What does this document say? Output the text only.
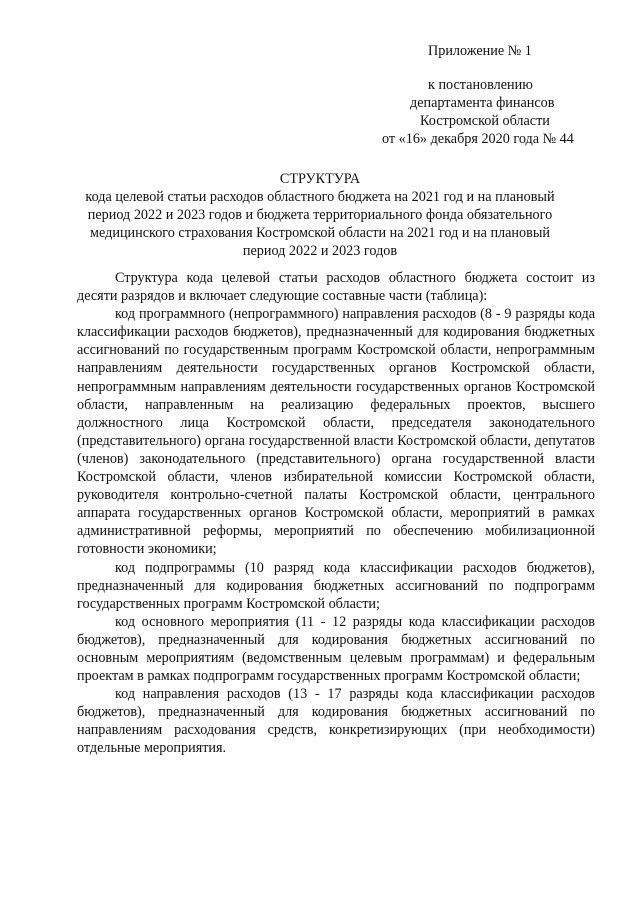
Приложение № 1
к постановлению
департамента финансов
Костромской области
от «16» декабря 2020 года № 44
СТРУКТУРА
кода целевой статьи расходов областного бюджета на 2021 год и на плановый
период 2022 и 2023 годов и бюджета территориального фонда обязательного
медицинского страхования Костромской области на 2021 год и на плановый
период 2022 и 2023 годов

Структура кода целевой статьи расходов областного бюджета состоит из десяти разрядов и включает следующие составные части (таблица):

код программного (непрограммного) направления расходов (8 - 9 разряды кода классификации расходов бюджетов), предназначенный для кодирования бюджетных ассигнований по государственным программ Костромской области, непрограммным направлениям деятельности государственных органов Костромской области, непрограммным направлениям деятельности государственных органов Костромской области, направленным на реализацию федеральных проектов, высшего должностного лица Костромской области, председателя законодательного (представительного) органа государственной власти Костромской области, депутатов (членов) законодательного (представительного) органа государственной власти Костромской области, членов избирательной комиссии Костромской области, руководителя контрольно-счетной палаты Костромской области, центрального аппарата государственных органов Костромской области, мероприятий в рамках административной реформы, мероприятий по обеспечению мобилизационной готовности экономики;

код подпрограммы (10 разряд кода классификации расходов бюджетов), предназначенный для кодирования бюджетных ассигнований по подпрограмм государственных программ Костромской области;

код основного мероприятия (11 - 12 разряды кода классификации расходов бюджетов), предназначенный для кодирования бюджетных ассигнований по основным мероприятиям (ведомственным целевым программам) и федеральным проектам в рамках подпрограмм государственных программ Костромской области;

код направления расходов (13 - 17 разряды кода классификации расходов бюджетов), предназначенный для кодирования бюджетных ассигнований по направлениям расходования средств, конкретизирующих (при необходимости) отдельные мероприятия.
